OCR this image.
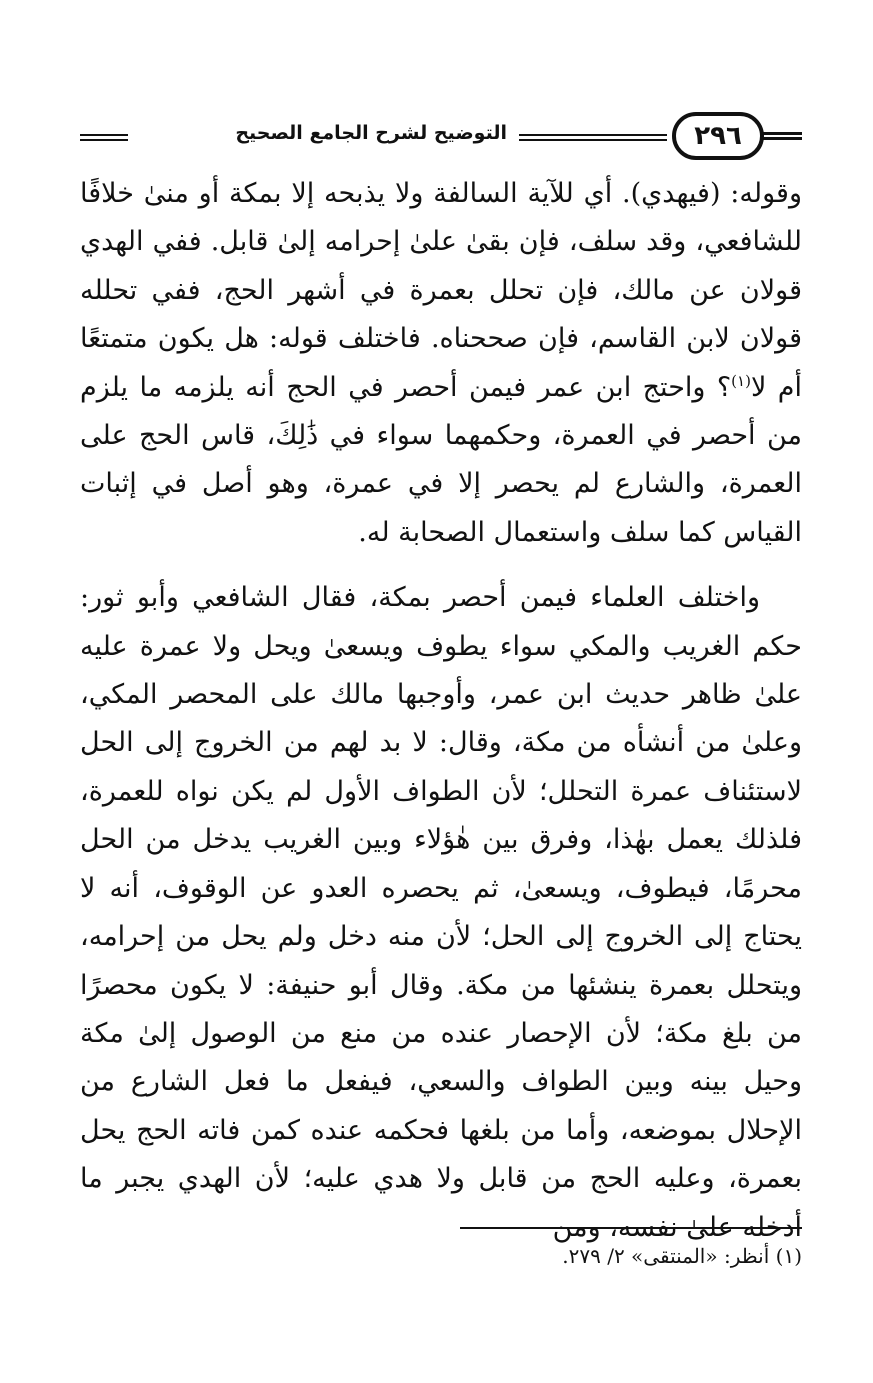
٢٩٦
التوضيح لشرح الجامع الصحيح

وقوله: (فيهدي). أي للآية السالفة ولا يذبحه إلا بمكة أو منىٰ خلافًا للشافعي، وقد سلف، فإن بقىٰ علىٰ إحرامه إلىٰ قابل. ففي الهدي قولان عن مالك، فإن تحلل بعمرة في أشهر الحج، ففي تحلله قولان لابن القاسم، فإن صححناه. فاختلف قوله: هل يكون متمتعًا أم لا$^{(١)}$؟ واحتج ابن عمر فيمن أحصر في الحج أنه يلزمه ما يلزم من أحصر في العمرة، وحكمهما سواء في ذَٰلِكَ، قاس الحج على العمرة، والشارع لم يحصر إلا في عمرة، وهو أصل في إثبات القياس كما سلف واستعمال الصحابة له.

واختلف العلماء فيمن أحصر بمكة، فقال الشافعي وأبو ثور: حكم الغريب والمكي سواء يطوف ويسعىٰ ويحل ولا عمرة عليه علىٰ ظاهر حديث ابن عمر، وأوجبها مالك على المحصر المكي، وعلىٰ من أنشأه من مكة، وقال: لا بد لهم من الخروج إلى الحل لاستئناف عمرة التحلل؛ لأن الطواف الأول لم يكن نواه للعمرة، فلذلك يعمل بهٰذا، وفرق بين هٰؤلاء وبين الغريب يدخل من الحل محرمًا، فيطوف، ويسعىٰ، ثم يحصره العدو عن الوقوف، أنه لا يحتاج إلى الخروج إلى الحل؛ لأن منه دخل ولم يحل من إحرامه، ويتحلل بعمرة ينشئها من مكة. وقال أبو حنيفة: لا يكون محصرًا من بلغ مكة؛ لأن الإحصار عنده من منع من الوصول إلىٰ مكة وحيل بينه وبين الطواف والسعي، فيفعل ما فعل الشارع من الإحلال بموضعه، وأما من بلغها فحكمه عنده كمن فاته الحج يحل بعمرة، وعليه الحج من قابل ولا هدي عليه؛ لأن الهدي يجبر ما أدخله علىٰ نفسه، ومن

(١) أنظر: «المنتقى» ٢/ ٢٧٩.
